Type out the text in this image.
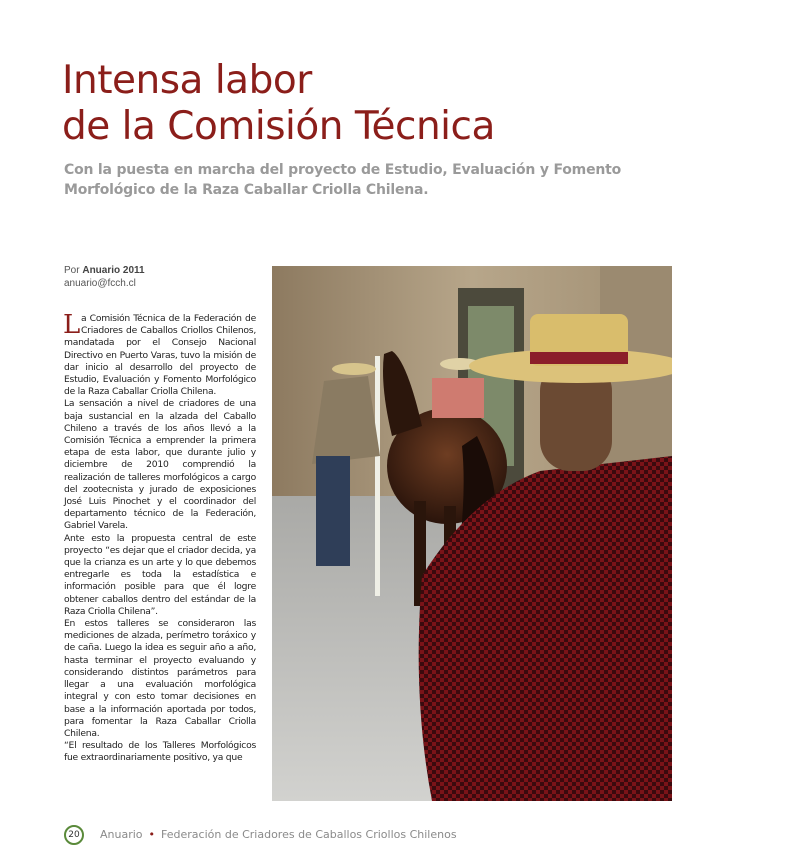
Intensa labor
de la Comisión Técnica
Con la puesta en marcha del proyecto de Estudio, Evaluación y Fomento
Morfológico de la Raza Caballar Criolla Chilena.
Por Anuario 2011
anuario@fcch.cl

La Comisión Técnica de la Federación de Criadores de Caballos Criollos Chilenos, mandatada por el Consejo Nacional Directivo en Puerto Varas, tuvo la misión de dar inicio al desarrollo del proyecto de Estudio, Evaluación y Fomento Morfológico de la Raza Caballar Criolla Chilena.

La sensación a nivel de criadores de una baja sustancial en la alzada del Caballo Chileno a través de los años llevó a la Comisión Técnica a emprender la primera etapa de esta labor, que durante julio y diciembre de 2010 comprendió la realización de talleres morfológicos a cargo del zootecnista y jurado de exposiciones José Luis Pinochet y el coordinador del departamento técnico de la Federación, Gabriel Varela.

Ante esto la propuesta central de este proyecto “es dejar que el criador decida, ya que la crianza es un arte y lo que debemos entregarle es toda la estadística e información posible para que él logre obtener caballos dentro del estándar de la Raza Criolla Chilena”.

En estos talleres se consideraron las mediciones de alzada, perímetro toráxico y de caña. Luego la idea es seguir año a año, hasta terminar el proyecto evaluando y considerando distintos parámetros para llegar a una evaluación morfológica integral y con esto tomar decisiones en base a la información aportada por todos, para fomentar la Raza Caballar Criolla Chilena.

“El resultado de los Talleres Morfológicos fue extraordinariamente positivo, ya que

20	Anuario • Federación de Criadores de Caballos Criollos Chilenos
